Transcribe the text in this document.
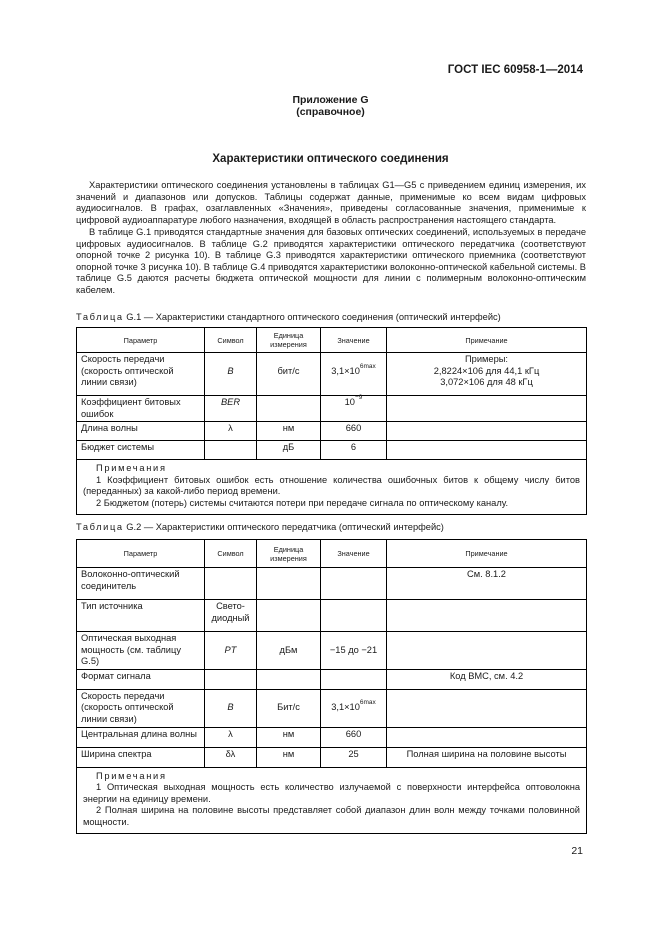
ГОСТ IEC 60958-1—2014
Приложение G
(справочное)
Характеристики оптического соединения
Характеристики оптического соединения установлены в таблицах G1—G5 с приведением единиц измерения, их значений и диапазонов или допусков. Таблицы содержат данные, применимые ко всем видам цифровых аудиосигналов. В графах, озаглавленных «Значения», приведены согласованные значения, применимые к цифровой аудиоаппаратуре любого назначения, входящей в область распространения настоящего стандарта.
В таблице G.1 приводятся стандартные значения для базовых оптических соединений, используемых в передаче цифровых аудиосигналов. В таблице G.2 приводятся характеристики оптического передатчика (соответствуют опорной точке 2 рисунка 10). В таблице G.3 приводятся характеристики оптического приемника (соответствуют опорной точке 3 рисунка 10). В таблице G.4 приводятся характеристики волоконно-оптической кабельной системы. В таблице G.5 даются расчеты бюджета оптической мощности для линии с полимерным волоконно-оптическим кабелем.
Таблица G.1 — Характеристики стандартного оптического соединения (оптический интерфейс)
Параметр	Символ	Единица измерения	Значение	Примечание
Скорость передачи (скорость оптической линии связи)	B	бит/с	$3,1\times 10^{6max}$	Примеры:
2,8224×106 для 44,1 кГц
3,072×106 для 48 кГц

Коэффициент битовых ошибок	BER		$10^{-9}$	
Длина волны	λ	нм	660	
Бюджет системы		дБ	6	

Примечания
1 Коэффициент битовых ошибок есть отношение количества ошибочных битов к общему числу битов (переданных) за какой-либо период времени.
2 Бюджетом (потерь) системы считаются потери при передаче сигнала по оптическому каналу.				
Таблица G.2 — Характеристики оптического передатчика (оптический интерфейс)
Параметр	Символ	Единица измерения	Значение	Примечание
Волоконно-оптический соединитель				См. 8.1.2
Тип источника	Свето-диодный			
Оптическая выходная мощность (см. таблицу G.5)	PT	дБм	−15 до −21	
Формат сигнала				Код BMC, см. 4.2
Скорость передачи (скорость оптической линии связи)	B	Бит/с	$3,1\times 10^{6max}$	
Центральная длина волны	λ	нм	660	
Ширина спектра	δλ	нм	25	Полная ширина на половине высоты

Примечания
1 Оптическая выходная мощность есть количество излучаемой с поверхности интерфейса оптоволокна энергии на единицу времени.
2 Полная ширина на половине высоты представляет собой диапазон длин волн между точками половинной мощности.				
21
